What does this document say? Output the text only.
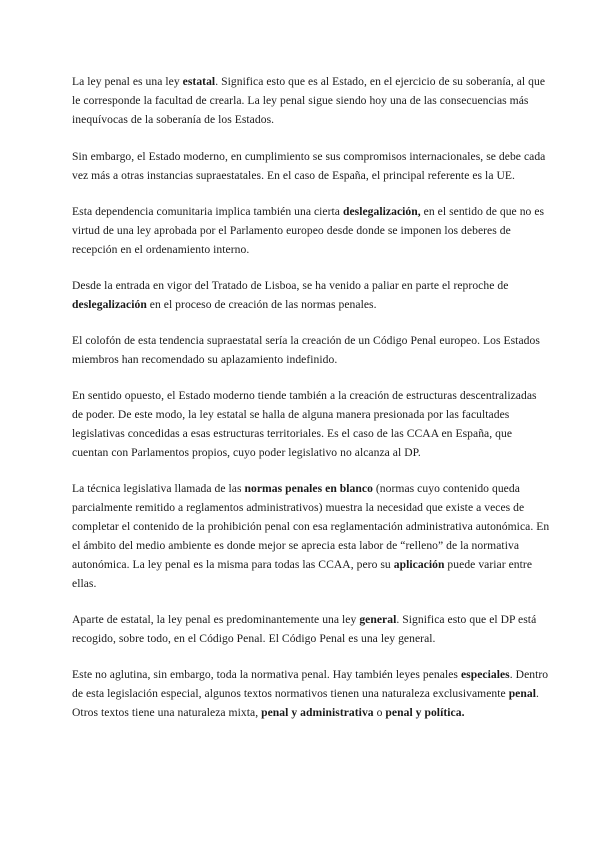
La ley penal es una ley estatal. Significa esto que es al Estado, en el ejercicio de su soberanía, al que le corresponde la facultad de crearla. La ley penal sigue siendo hoy una de las consecuencias más inequívocas de la soberanía de los Estados.

Sin embargo, el Estado moderno, en cumplimiento se sus compromisos internacionales, se debe cada vez más a otras instancias supraestatales. En el caso de España, el principal referente es la UE.

Esta dependencia comunitaria implica también una cierta deslegalización, en el sentido de que no es virtud de una ley aprobada por el Parlamento europeo desde donde se imponen los deberes de recepción en el ordenamiento interno.

Desde la entrada en vigor del Tratado de Lisboa, se ha venido a paliar en parte el reproche de deslegalización en el proceso de creación de las normas penales.

El colofón de esta tendencia supraestatal sería la creación de un Código Penal europeo. Los Estados miembros han recomendado su aplazamiento indefinido.

En sentido opuesto, el Estado moderno tiende también a la creación de estructuras descentralizadas de poder. De este modo, la ley estatal se halla de alguna manera presionada por las facultades legislativas concedidas a esas estructuras territoriales. Es el caso de las CCAA en España, que cuentan con Parlamentos propios, cuyo poder legislativo no alcanza al DP.

La técnica legislativa llamada de las normas penales en blanco (normas cuyo contenido queda parcialmente remitido a reglamentos administrativos) muestra la necesidad que existe a veces de completar el contenido de la prohibición penal con esa reglamentación administrativa autonómica. En el ámbito del medio ambiente es donde mejor se aprecia esta labor de “relleno” de la normativa autonómica. La ley penal es la misma para todas las CCAA, pero su aplicación puede variar entre ellas.

Aparte de estatal, la ley penal es predominantemente una ley general. Significa esto que el DP está recogido, sobre todo, en el Código Penal. El Código Penal es una ley general.

Este no aglutina, sin embargo, toda la normativa penal. Hay también leyes penales especiales. Dentro de esta legislación especial, algunos textos normativos tienen una naturaleza exclusivamente penal. Otros textos tiene una naturaleza mixta, penal y administrativa o penal y política.
